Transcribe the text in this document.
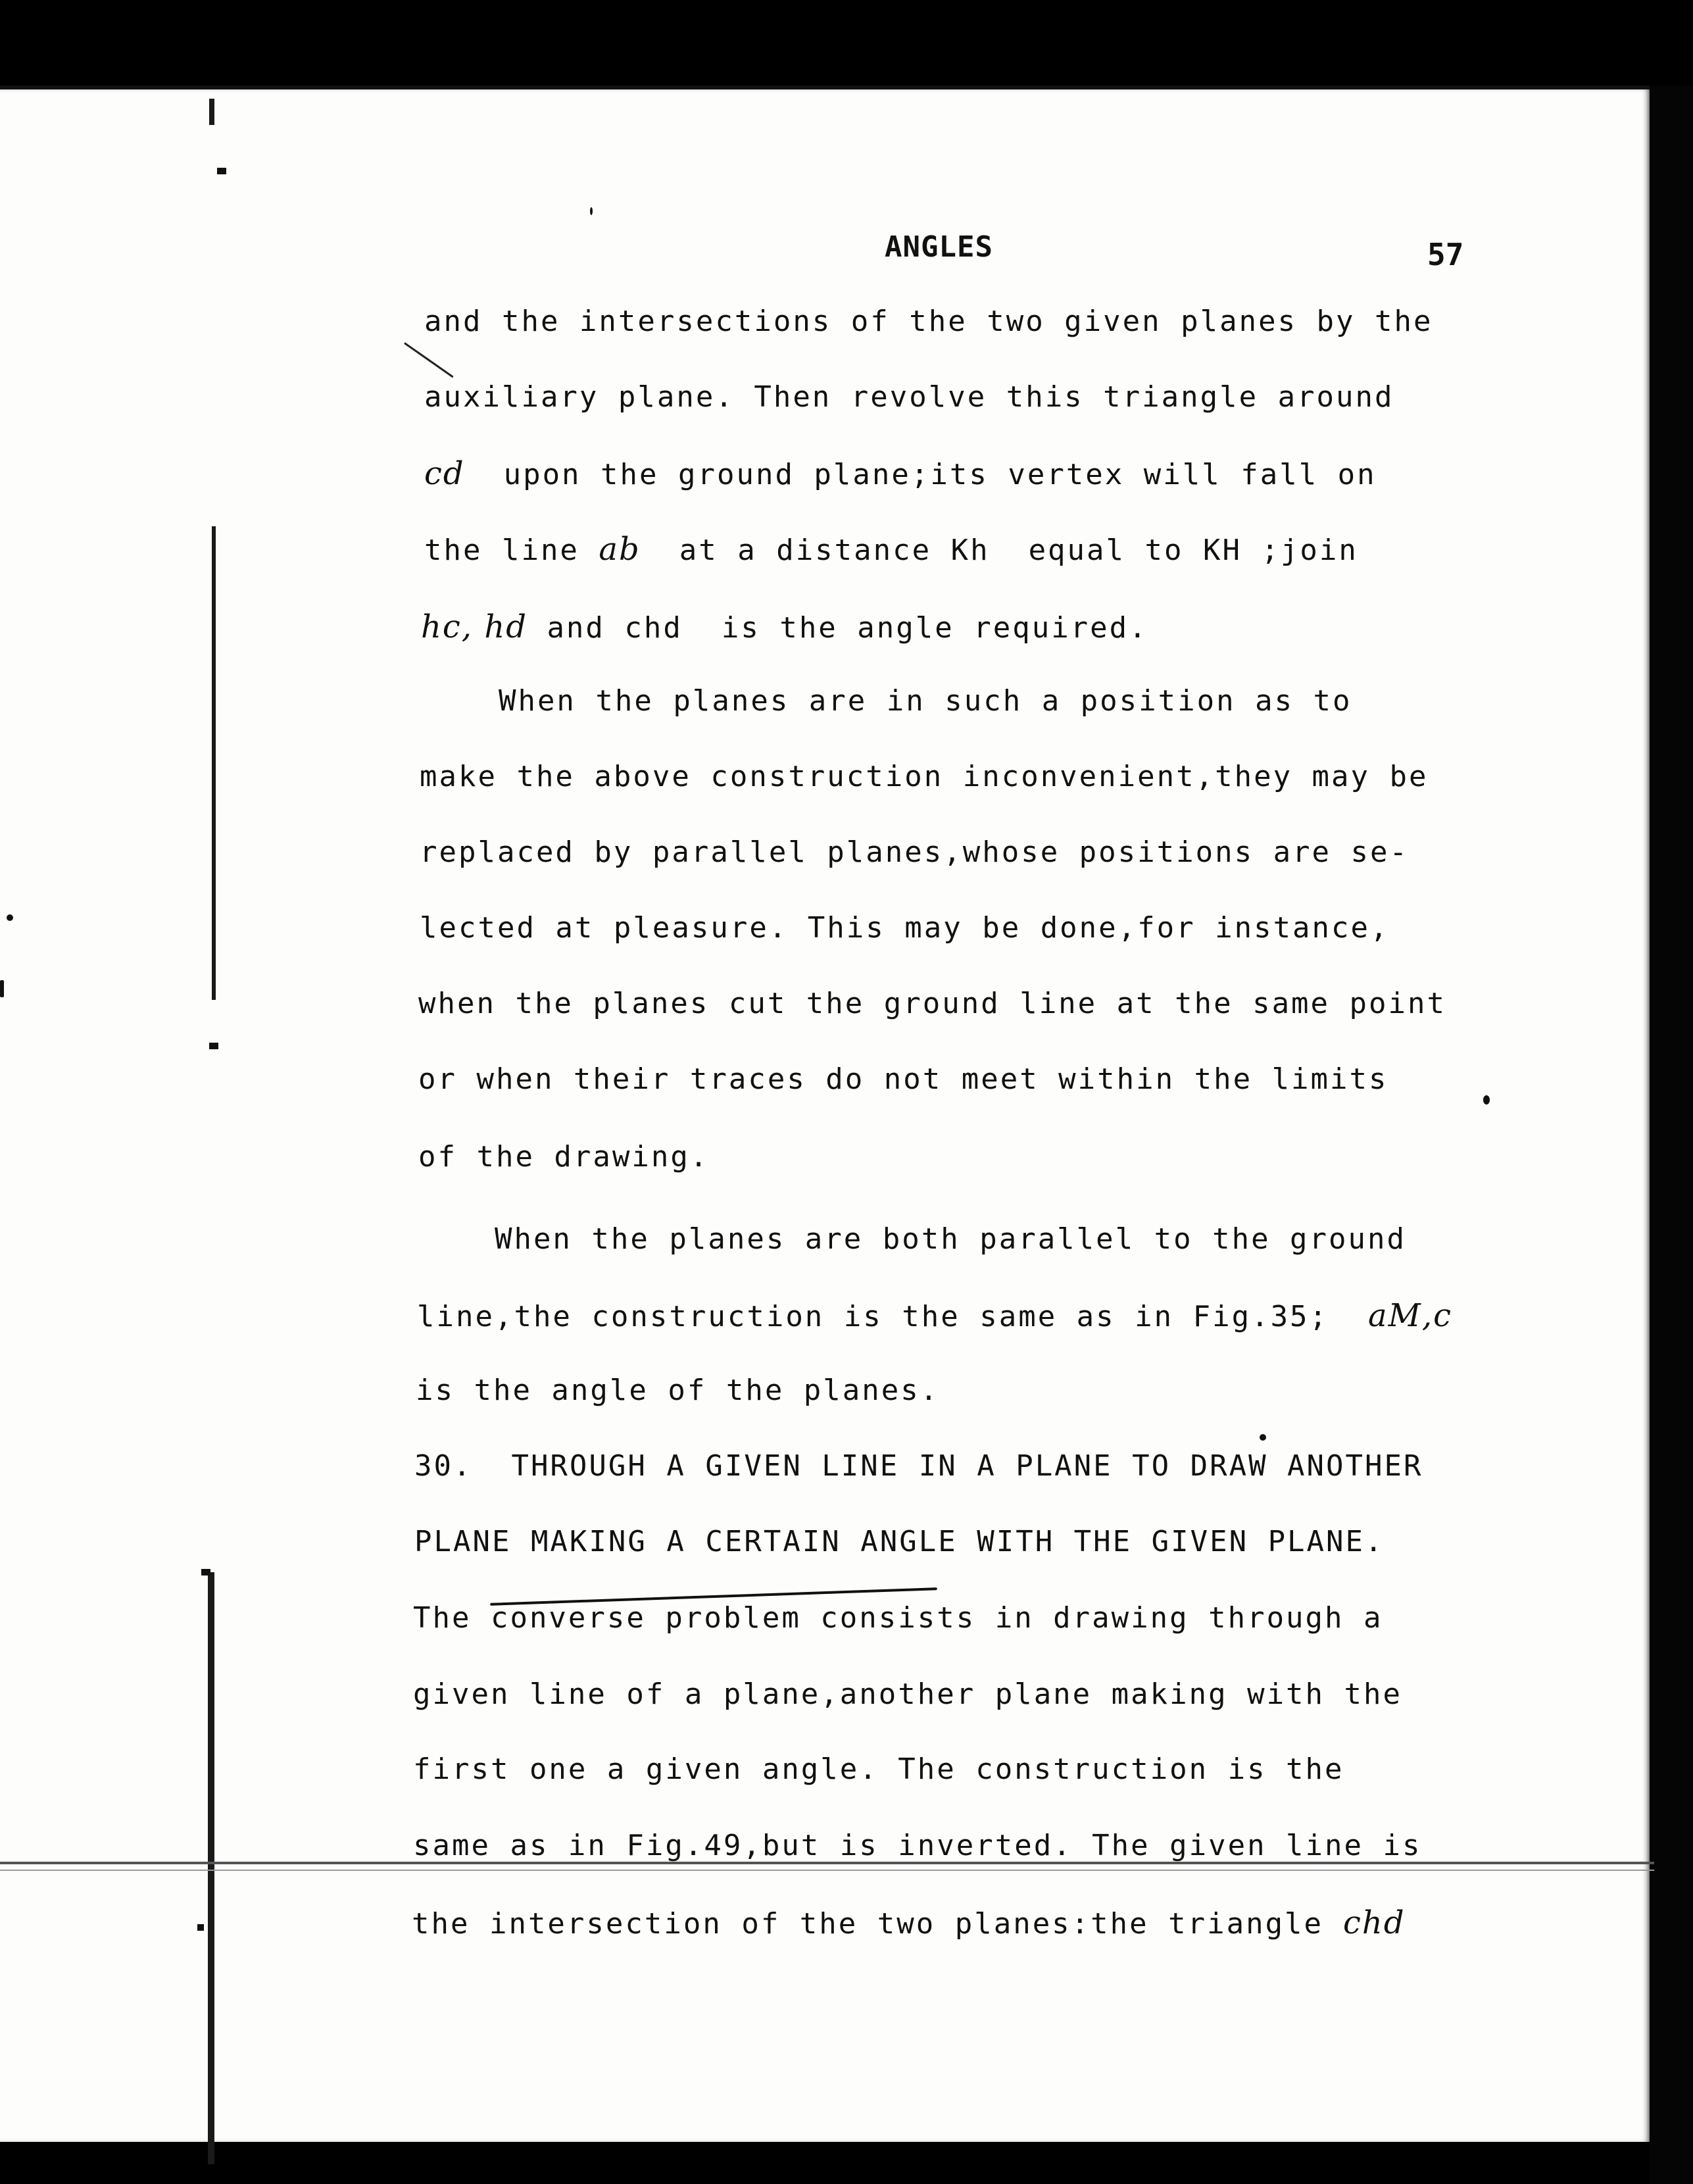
ANGLES	57
and the intersections of the two given planes by the
auxiliary plane. Then revolve this triangle around
cd  upon the ground plane;its vertex will fall on
the line ab  at a distance Kh  equal to KH ;join
hc, hd and chd  is the angle required.
When the planes are in such a position as to
make the above construction inconvenient,they may be
replaced by parallel planes,whose positions are se-
lected at pleasure. This may be done,for instance,
when the planes cut the ground line at the same point
or when their traces do not meet within the limits
of the drawing.
When the planes are both parallel to the ground
line,the construction is the same as in Fig.35; aM,c
is the angle of the planes.
30.  THROUGH A GIVEN LINE IN A PLANE TO DRAW ANOTHER
PLANE MAKING A CERTAIN ANGLE WITH THE GIVEN PLANE.
The converse problem consists in drawing through a
given line of a plane,another plane making with the
first one a given angle. The construction is the
same as in Fig.49,but is inverted. The given line is
the intersection of the two planes:the triangle chd
